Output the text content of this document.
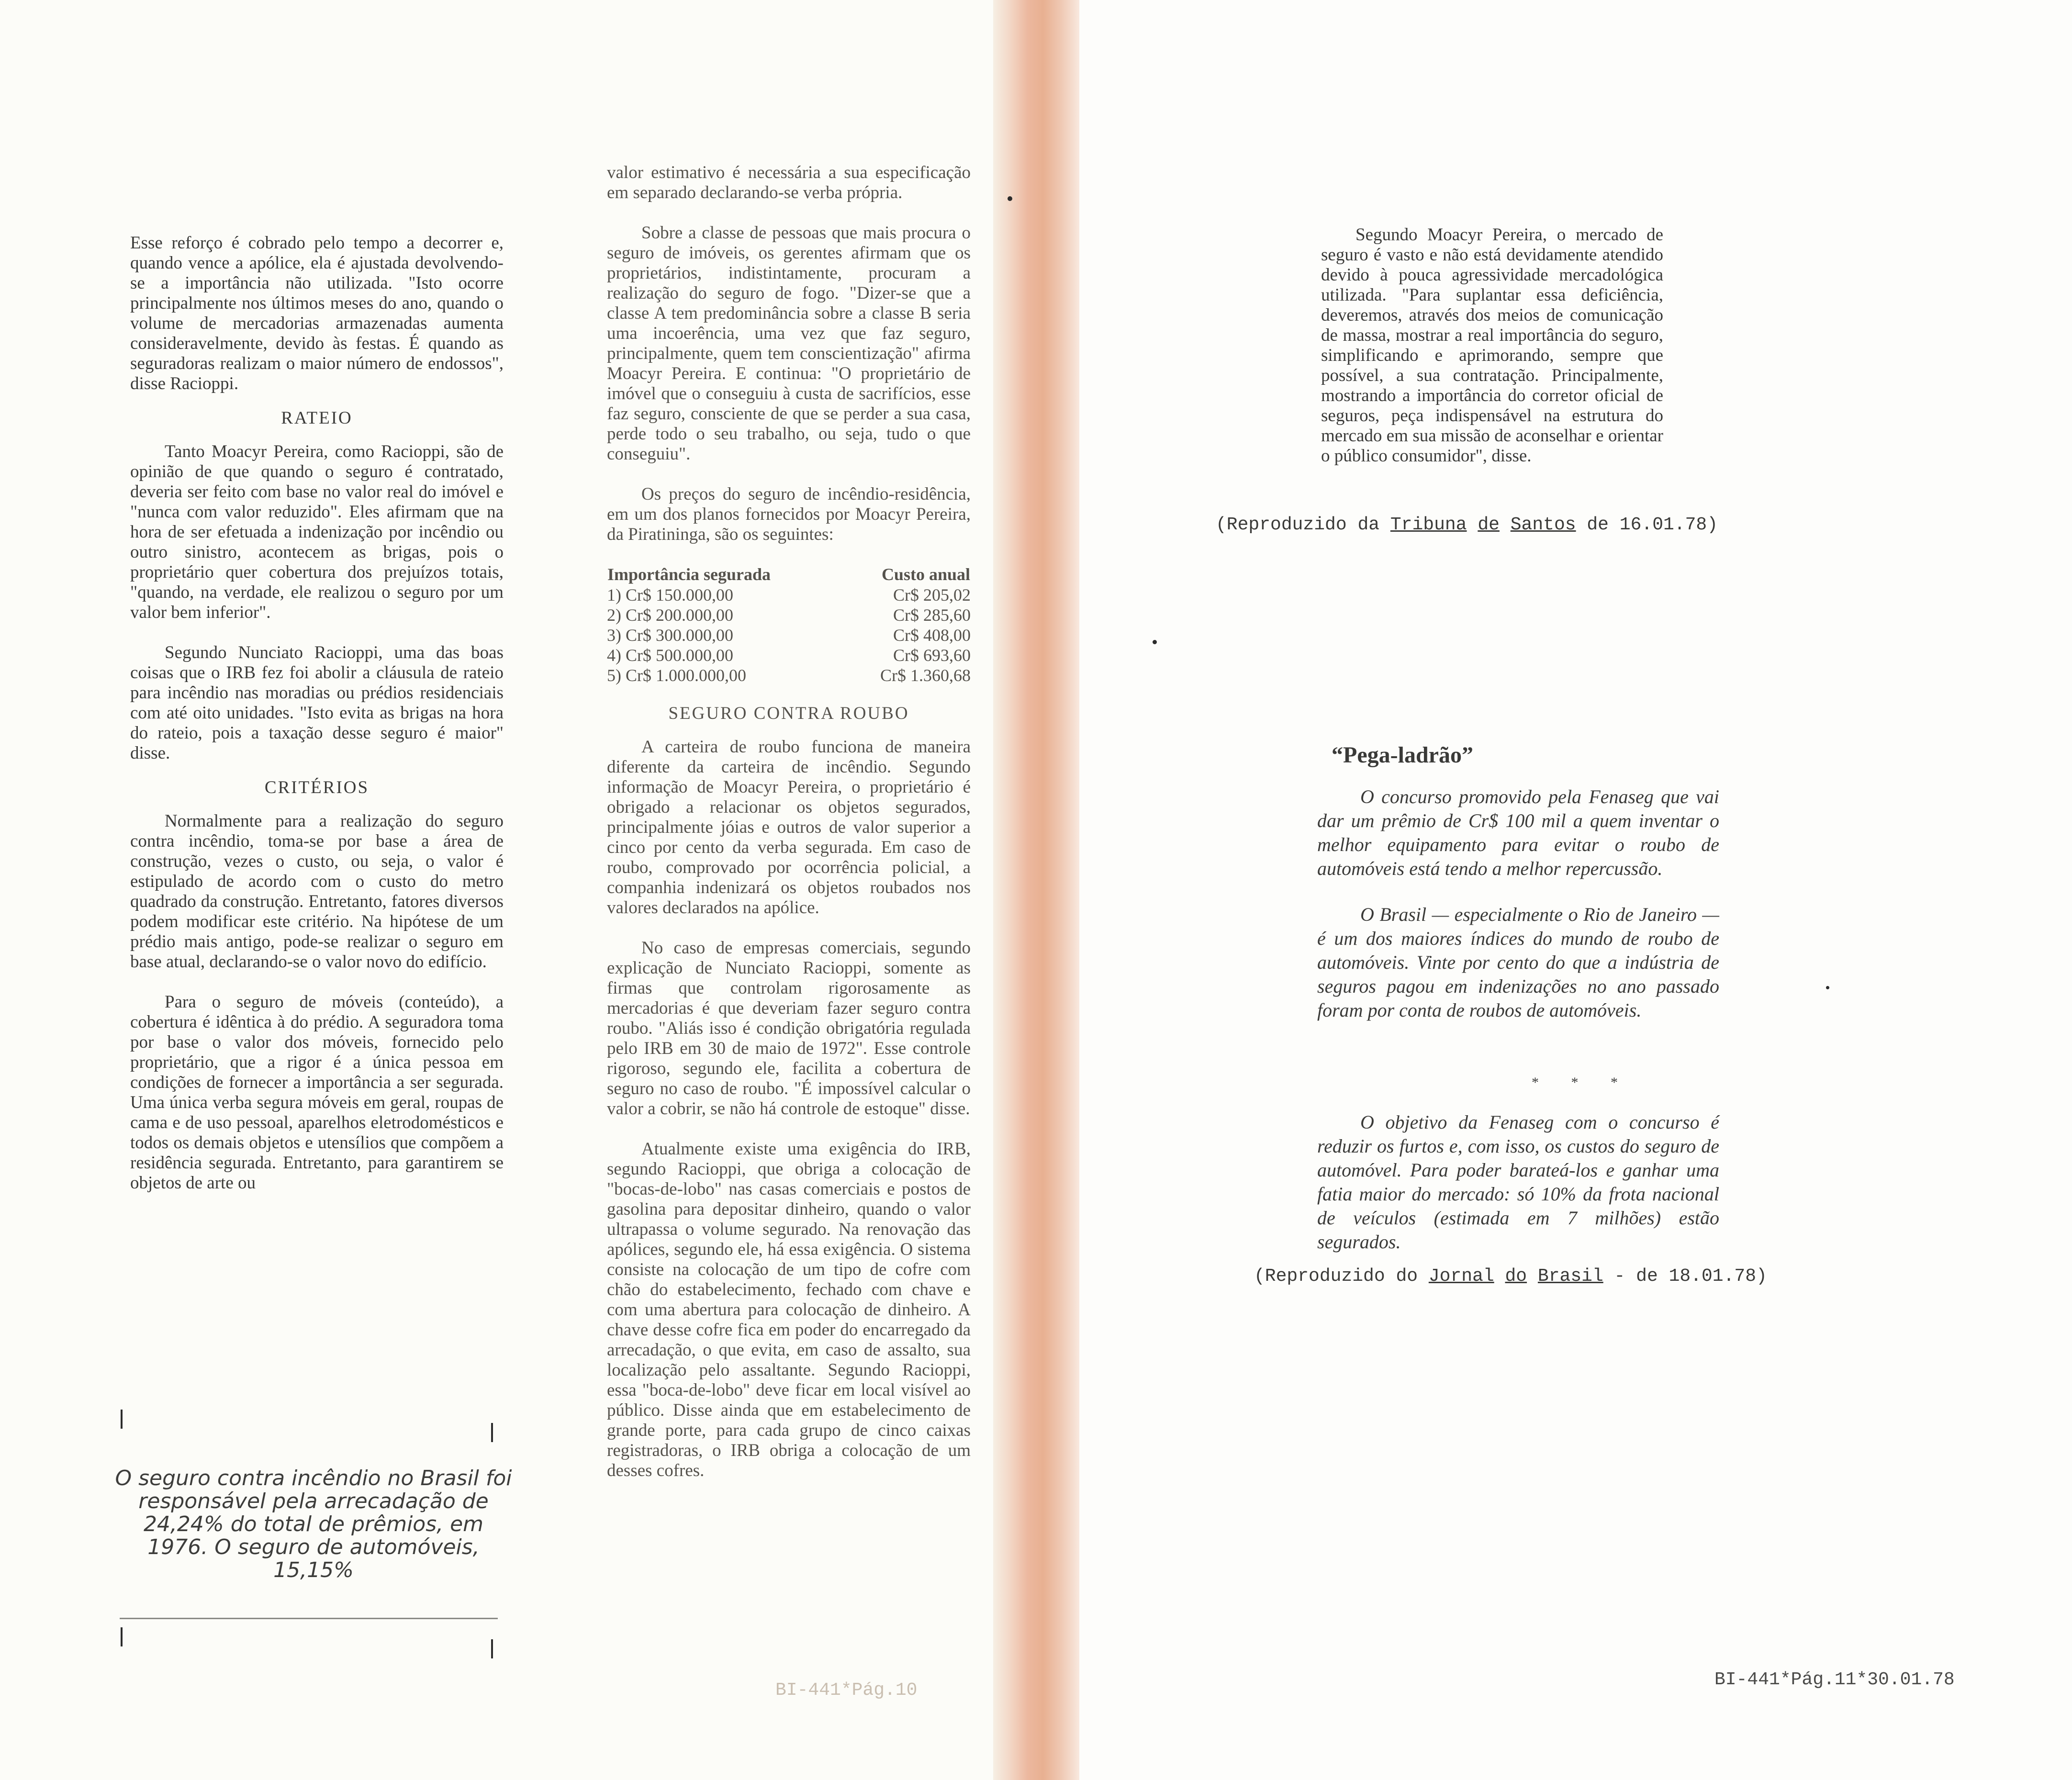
Esse reforço é cobrado pelo tempo a decorrer e, quando vence a apólice, ela é ajustada devolvendo-se a importância não utilizada. "Isto ocorre principalmente nos últimos meses do ano, quando o volume de mercadorias armazenadas aumenta consideravelmente, devido às festas. É quando as seguradoras realizam o maior número de endossos", disse Racioppi.

RATEIO

Tanto Moacyr Pereira, como Racioppi, são de opinião de que quando o seguro é contratado, deveria ser feito com base no valor real do imóvel e "nunca com valor reduzido". Eles afirmam que na hora de ser efetuada a indenização por incêndio ou outro sinistro, acontecem as brigas, pois o proprietário quer cobertura dos prejuízos totais, "quando, na verdade, ele realizou o seguro por um valor bem inferior".

Segundo Nunciato Racioppi, uma das boas coisas que o IRB fez foi abolir a cláusula de rateio para incêndio nas moradias ou prédios residenciais com até oito unidades. "Isto evita as brigas na hora do rateio, pois a taxação desse seguro é maior" disse.

CRITÉRIOS

Normalmente para a realização do seguro contra incêndio, toma-se por base a área de construção, vezes o custo, ou seja, o valor é estipulado de acordo com o custo do metro quadrado da construção. Entretanto, fatores diversos podem modificar este critério. Na hipótese de um prédio mais antigo, pode-se realizar o seguro em base atual, declarando-se o valor novo do edifício.

Para o seguro de móveis (conteúdo), a cobertura é idêntica à do prédio. A seguradora toma por base o valor dos móveis, fornecido pelo proprietário, que a rigor é a única pessoa em condições de fornecer a importância a ser segurada. Uma única verba segura móveis em geral, roupas de cama e de uso pessoal, aparelhos eletrodomésticos e todos os demais objetos e utensílios que compõem a residência segurada. Entretanto, para garantirem se objetos de arte ou

O seguro contra incêndio no Brasil foi responsável pela arrecadação de 24,24% do total de prêmios, em 1976. O seguro de automóveis, 15,15%

valor estimativo é necessária a sua especificação em separado declarando-se verba própria.

Sobre a classe de pessoas que mais procura o seguro de imóveis, os gerentes afirmam que os proprietários, indistintamente, procuram a realização do seguro de fogo. "Dizer-se que a classe A tem predominância sobre a classe B seria uma incoerência, uma vez que faz seguro, principalmente, quem tem conscientização" afirma Moacyr Pereira. E continua: "O proprietário de imóvel que o conseguiu à custa de sacrifícios, esse faz seguro, consciente de que se perder a sua casa, perde todo o seu trabalho, ou seja, tudo o que conseguiu".

Os preços do seguro de incêndio-residência, em um dos planos fornecidos por Moacyr Pereira, da Piratininga, são os seguintes:

Importância segurada	Custo anual
1) Cr$ 150.000,00	Cr$ 205,02
2) Cr$ 200.000,00	Cr$ 285,60
3) Cr$ 300.000,00	Cr$ 408,00
4) Cr$ 500.000,00	Cr$ 693,60
5) Cr$ 1.000.000,00	Cr$ 1.360,68
SEGURO CONTRA ROUBO

A carteira de roubo funciona de maneira diferente da carteira de incêndio. Segundo informação de Moacyr Pereira, o proprietário é obrigado a relacionar os objetos segurados, principalmente jóias e outros de valor superior a cinco por cento da verba segurada. Em caso de roubo, comprovado por ocorrência policial, a companhia indenizará os objetos roubados nos valores declarados na apólice.

No caso de empresas comerciais, segundo explicação de Nunciato Racioppi, somente as firmas que controlam rigorosamente as mercadorias é que deveriam fazer seguro contra roubo. "Aliás isso é condição obrigatória regulada pelo IRB em 30 de maio de 1972". Esse controle rigoroso, segundo ele, facilita a cobertura de seguro no caso de roubo. "É impossível calcular o valor a cobrir, se não há controle de estoque" disse.

Atualmente existe uma exigência do IRB, segundo Racioppi, que obriga a colocação de "bocas-de-lobo" nas casas comerciais e postos de gasolina para depositar dinheiro, quando o valor ultrapassa o volume segurado. Na renovação das apólices, segundo ele, há essa exigência. O sistema consiste na colocação de um tipo de cofre com chão do estabelecimento, fechado com chave e com uma abertura para colocação de dinheiro. A chave desse cofre fica em poder do encarregado da arrecadação, o que evita, em caso de assalto, sua localização pelo assaltante. Segundo Racioppi, essa "boca-de-lobo" deve ficar em local visível ao público. Disse ainda que em estabelecimento de grande porte, para cada grupo de cinco caixas registradoras, o IRB obriga a colocação de um desses cofres.

BI-441*Pág.10

Segundo Moacyr Pereira, o mercado de seguro é vasto e não está devidamente atendido devido à pouca agressividade mercadológica utilizada. "Para suplantar essa deficiência, deveremos, através dos meios de comunicação de massa, mostrar a real importância do seguro, simplificando e aprimorando, sempre que possível, a sua contratação. Principalmente, mostrando a importância do corretor oficial de seguros, peça indispensável na estrutura do mercado em sua missão de aconselhar e orientar o público consumidor", disse.

(Reproduzido da Tribuna de Santos de 16.01.78)
“Pega-ladrão”

O concurso promovido pela Fenaseg que vai dar um prêmio de Cr$ 100 mil a quem inventar o melhor equipamento para evitar o roubo de automóveis está tendo a melhor repercussão.

O Brasil — especialmente o Rio de Janeiro — é um dos maiores índices do mundo de roubo de automóveis. Vinte por cento do que a indústria de seguros pagou em indenizações no ano passado foram por conta de roubos de automóveis.

* * *

O objetivo da Fenaseg com o concurso é reduzir os furtos e, com isso, os custos do seguro de automóvel. Para poder barateá-los e ganhar uma fatia maior do mercado: só 10% da frota nacional de veículos (estimada em 7 milhões) estão segurados.

(Reproduzido do Jornal do Brasil - de 18.01.78)
BI-441*Pág.11*30.01.78
